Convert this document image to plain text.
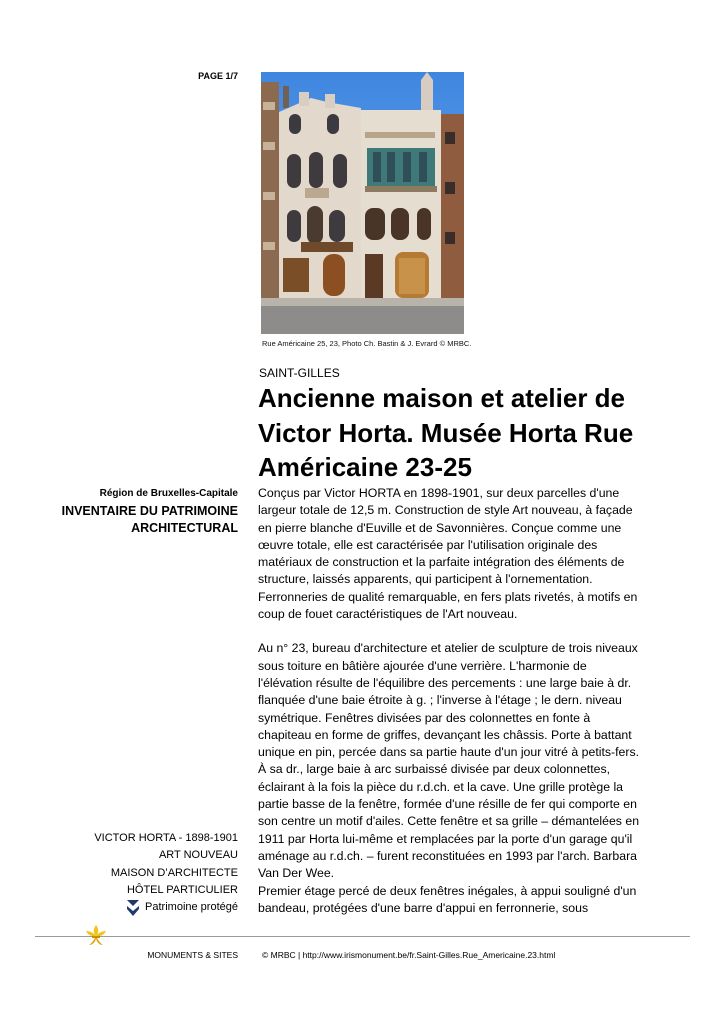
PAGE 1/7
Rue Américaine 25, 23, Photo Ch. Bastin & J. Evrard © MRBC.
SAINT-GILLES
Ancienne maison et atelier de Victor Horta. Musée Horta Rue Américaine 23-25
Région de Bruxelles-Capitale
INVENTAIRE DU PATRIMOINE
ARCHITECTURAL

Conçus par Victor HORTA en 1898-1901, sur deux parcelles d'une largeur totale de 12,5 m. Construction de style Art nouveau, à façade en pierre blanche d'Euville et de Savonnières. Conçue comme une œuvre totale, elle est caractérisée par l'utilisation originale des matériaux de construction et la parfaite intégration des éléments de structure, laissés apparents, qui participent à l'ornementation. Ferronneries de qualité remarquable, en fers plats rivetés, à motifs en coup de fouet caractéristiques de l'Art nouveau.

Au n° 23, bureau d'architecture et atelier de sculpture de trois niveaux sous toiture en bâtière ajourée d'une verrière. L'harmonie de l'élévation résulte de l'équilibre des percements : une large baie à dr. flanquée d'une baie étroite à g. ; l'inverse à l'étage ; le dern. niveau symétrique. Fenêtres divisées par des colonnettes en fonte à chapiteau en forme de griffes, devançant les châssis. Porte à battant unique en pin, percée dans sa partie haute d'un jour vitré à petits-fers. À sa dr., large baie à arc surbaissé divisée par deux colonnettes, éclairant à la fois la pièce du r.d.ch. et la cave. Une grille protège la partie basse de la fenêtre, formée d'une résille de fer qui comporte en son centre un motif d'ailes. Cette fenêtre et sa grille – démantelées en 1911 par Horta lui-même et remplacées par la porte d'un garage qu'il aménage au r.d.ch. – furent reconstituées en 1993 par l'arch. Barbara Van Der Wee.

Premier étage percé de deux fenêtres inégales, à appui souligné d'un bandeau, protégées d'une barre d'appui en ferronnerie, sous

VICTOR HORTA - 1898-1901
ART NOUVEAU
MAISON D’ARCHITECTE
HÔTEL PARTICULIER
Patrimoine protégé
MONUMENTS & SITES	© MRBC | http://www.irismonument.be/fr.Saint-Gilles.Rue_Americaine.23.html
